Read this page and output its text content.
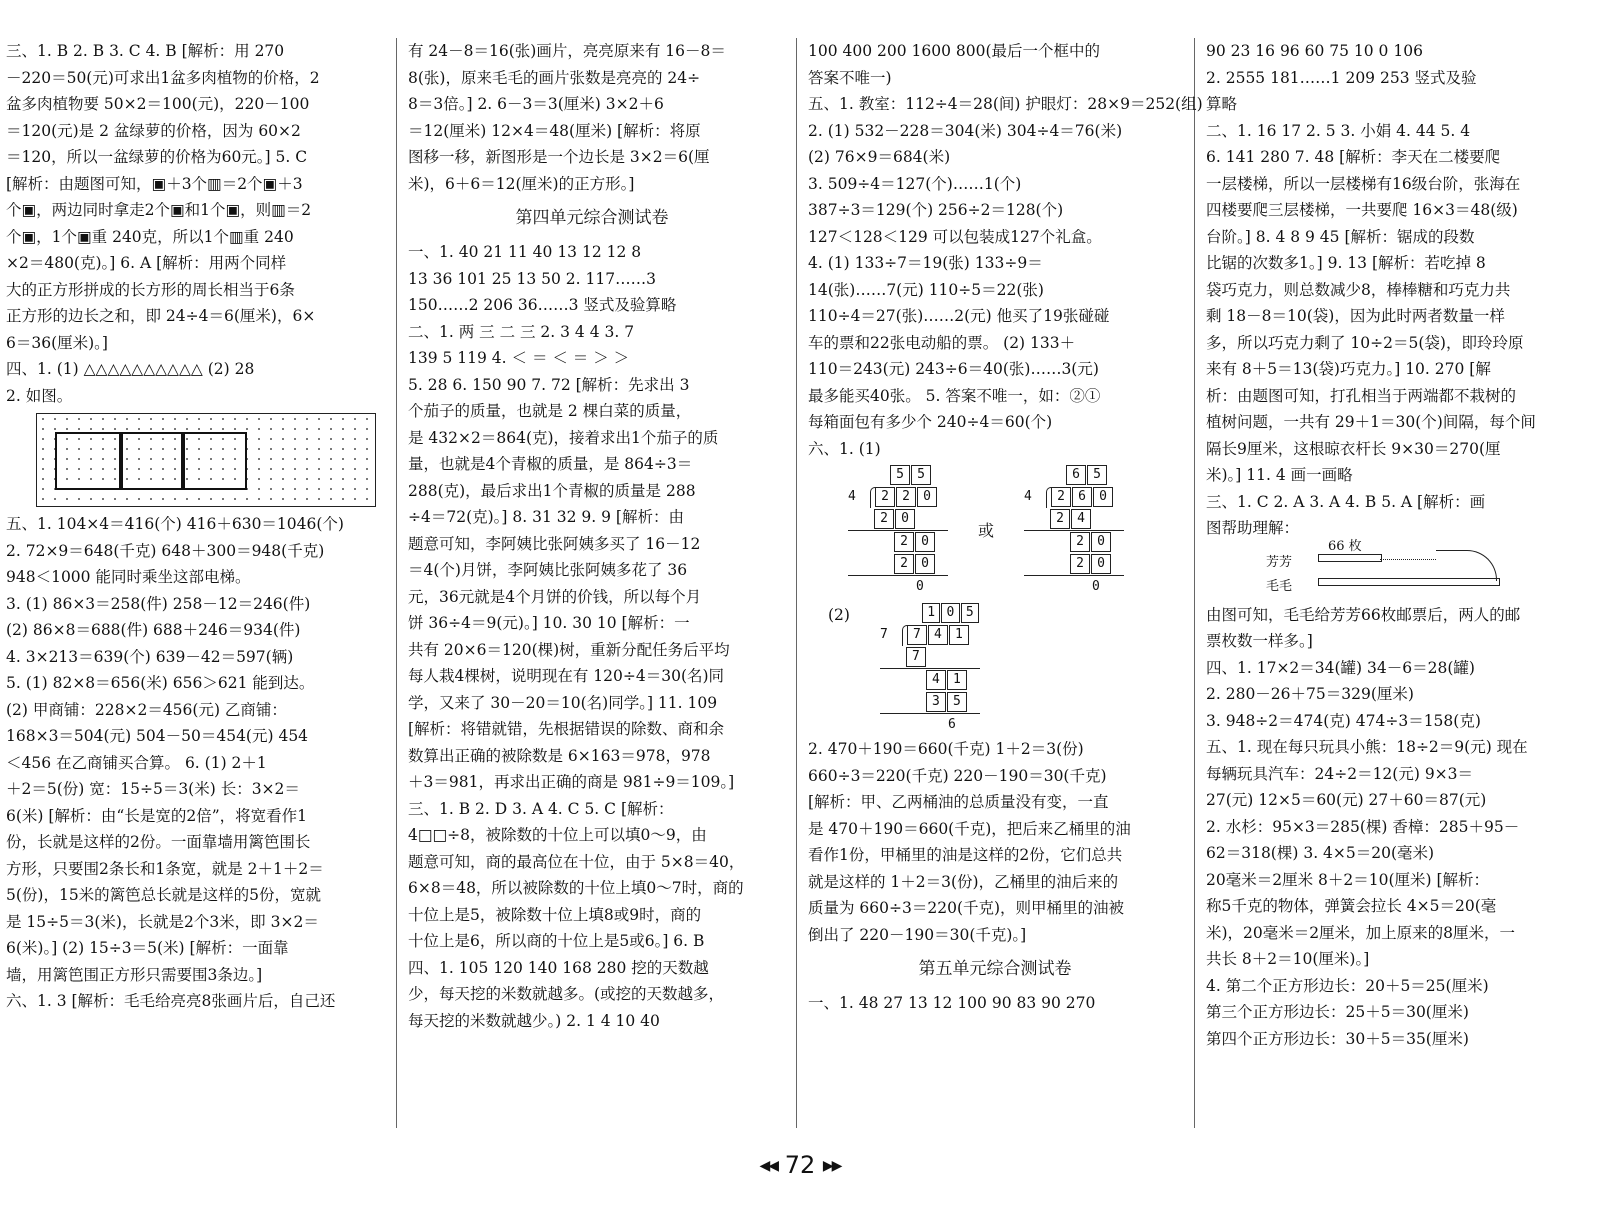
三、1. B 2. B 3. C 4. B [解析：用 270

－220＝50(元)可求出1盆多肉植物的价格，2

盆多肉植物要 50×2＝100(元)，220－100

＝120(元)是 2 盆绿萝的价格，因为 60×2

＝120，所以一盆绿萝的价格为60元。] 5. C

[解析：由题图可知，▣＋3个▥＝2个▣＋3

个▣，两边同时拿走2个▣和1个▣，则▥＝2

个▣，1个▣重 240克，所以1个▥重 240

×2＝480(克)。] 6. A [解析：用两个同样

大的正方形拼成的长方形的周长相当于6条

正方形的边长之和，即 24÷4＝6(厘米)，6×

6＝36(厘米)。]

四、1. (1) △△△△△△△△△△ (2) 28

2. 如图。

五、1. 104×4＝416(个) 416＋630＝1046(个)

2. 72×9＝648(千克) 648＋300＝948(千克)

948＜1000 能同时乘坐这部电梯。

3. (1) 86×3＝258(件) 258－12＝246(件)

(2) 86×8＝688(件) 688＋246＝934(件)

4. 3×213＝639(个) 639－42＝597(辆)

5. (1) 82×8＝656(米) 656＞621 能到达。

(2) 甲商铺：228×2＝456(元) 乙商铺：

168×3＝504(元) 504－50＝454(元) 454

＜456 在乙商铺买合算。 6. (1) 2＋1

＋2＝5(份) 宽：15÷5＝3(米) 长：3×2＝

6(米) [解析：由“长是宽的2倍”，将宽看作1

份，长就是这样的2份。一面靠墙用篱笆围长

方形，只要围2条长和1条宽，就是 2＋1＋2＝

5(份)，15米的篱笆总长就是这样的5份，宽就

是 15÷5＝3(米)，长就是2个3米，即 3×2＝

6(米)。] (2) 15÷3＝5(米) [解析：一面靠

墙，用篱笆围正方形只需要围3条边。]

六、1. 3 [解析：毛毛给亮亮8张画片后，自己还

有 24－8＝16(张)画片，亮亮原来有 16－8＝

8(张)，原来毛毛的画片张数是亮亮的 24÷

8＝3倍。] 2. 6－3＝3(厘米) 3×2＋6

＝12(厘米) 12×4＝48(厘米) [解析：将原

图移一移，新图形是一个边长是 3×2＝6(厘

米)，6＋6＝12(厘米)的正方形。]

第四单元综合测试卷

一、1. 40 21 11 40 13 12 12 8

13 36 101 25 13 50 2. 117……3

150……2 206 36……3 竖式及验算略

二、1. 两 三 二 三 2. 3 4 4 3. 7

139 5 119 4. ＜ ＝ ＜ ＝ ＞ ＞

5. 28 6. 150 90 7. 72 [解析：先求出 3

个茄子的质量，也就是 2 棵白菜的质量，

是 432×2＝864(克)，接着求出1个茄子的质

量，也就是4个青椒的质量，是 864÷3＝

288(克)，最后求出1个青椒的质量是 288

÷4＝72(克)。] 8. 31 32 9. 9 [解析：由

题意可知，李阿姨比张阿姨多买了 16－12

＝4(个)月饼，李阿姨比张阿姨多花了 36

元，36元就是4个月饼的价钱，所以每个月

饼 36÷4＝9(元)。] 10. 30 10 [解析：一

共有 20×6＝120(棵)树，重新分配任务后平均

每人栽4棵树，说明现在有 120÷4＝30(名)同

学，又来了 30－20＝10(名)同学。] 11. 109

[解析：将错就错，先根据错误的除数、商和余

数算出正确的被除数是 6×163＝978，978

＋3＝981，再求出正确的商是 981÷9＝109。]

三、1. B 2. D 3. A 4. C 5. C [解析：

4□□÷8，被除数的十位上可以填0～9，由

题意可知，商的最高位在十位，由于 5×8＝40，

6×8＝48，所以被除数的十位上填0～7时，商的

十位上是5，被除数十位上填8或9时，商的

十位上是6，所以商的十位上是5或6。] 6. B

四、1. 105 120 140 168 280 挖的天数越

少，每天挖的米数就越多。(或挖的天数越多，

每天挖的米数就越少。) 2. 1 4 10 40

100 400 200 1600 800(最后一个框中的

答案不唯一)

五、1. 教室：112÷4＝28(间) 护眼灯：28×9＝252(组)

2. (1) 532－228＝304(米) 304÷4＝76(米)

(2) 76×9＝684(米)

3. 509÷4＝127(个)……1(个)

387÷3＝129(个) 256÷2＝128(个)

127＜128＜129 可以包装成127个礼盒。

4. (1) 133÷7＝19(张) 133÷9＝

14(张)……7(元) 110÷5＝22(张)

110÷4＝27(张)……2(元) 他买了19张碰碰

车的票和22张电动船的票。 (2) 133＋

110＝243(元) 243÷6＝40(张)……3(元)

最多能买40张。 5. 答案不唯一，如：②①

每箱面包有多少个 240÷4＝60(个)

六、1. (1)

5	5
4	2	2	0
2	0
2	0
2	0
0
或
6	5
4	2	6	0
2	4
2	0
2	0
0
(2)	1 0 5
7	7	4	1
7
4	1
3	5
6

2. 470＋190＝660(千克) 1＋2＝3(份)

660÷3＝220(千克) 220－190＝30(千克)

[解析：甲、乙两桶油的总质量没有变，一直

是 470＋190＝660(千克)，把后来乙桶里的油

看作1份，甲桶里的油是这样的2份，它们总共

就是这样的 1＋2＝3(份)，乙桶里的油后来的

质量为 660÷3＝220(千克)，则甲桶里的油被

倒出了 220－190＝30(千克)。]

第五单元综合测试卷

一、1. 48 27 13 12 100 90 83 90 270

90 23 16 96 60 75 10 0 106

2. 2555 181……1 209 253 竖式及验

算略

二、1. 16 17 2. 5 3. 小娟 4. 44 5. 4

6. 141 280 7. 48 [解析：李天在二楼要爬

一层楼梯，所以一层楼梯有16级台阶，张海在

四楼要爬三层楼梯，一共要爬 16×3＝48(级)

台阶。] 8. 4 8 9 45 [解析：锯成的段数

比锯的次数多1。] 9. 13 [解析：若吃掉 8

袋巧克力，则总数减少8，棒棒糖和巧克力共

剩 18－8＝10(袋)，因为此时两者数量一样

多，所以巧克力剩了 10÷2＝5(袋)，即玲玲原

来有 8＋5＝13(袋)巧克力。] 10. 270 [解

析：由题图可知，打孔相当于两端都不栽树的

植树问题，一共有 29＋1＝30(个)间隔，每个间

隔长9厘米，这根晾衣杆长 9×30＝270(厘

米)。] 11. 4 画一画略

三、1. C 2. A 3. A 4. B 5. A [解析：画

图帮助理解：

芳芳
66 枚
毛毛

由图可知，毛毛给芳芳66枚邮票后，两人的邮

票枚数一样多。]

四、1. 17×2＝34(罐) 34－6＝28(罐)

2. 280－26＋75＝329(厘米)

3. 948÷2＝474(克) 474÷3＝158(克)

五、1. 现在每只玩具小熊：18÷2＝9(元) 现在

每辆玩具汽车：24÷2＝12(元) 9×3＝

27(元) 12×5＝60(元) 27＋60＝87(元)

2. 水杉：95×3＝285(棵) 香樟：285＋95－

62＝318(棵) 3. 4×5＝20(毫米)

20毫米＝2厘米 8＋2＝10(厘米) [解析：

称5千克的物体，弹簧会拉长 4×5＝20(毫

米)，20毫米＝2厘米，加上原来的8厘米，一

共长 8＋2＝10(厘米)。]

4. 第二个正方形边长：20＋5＝25(厘米)

第三个正方形边长：25＋5＝30(厘米)

第四个正方形边长：30＋5＝35(厘米)

◀◀ 72 ▶▶
